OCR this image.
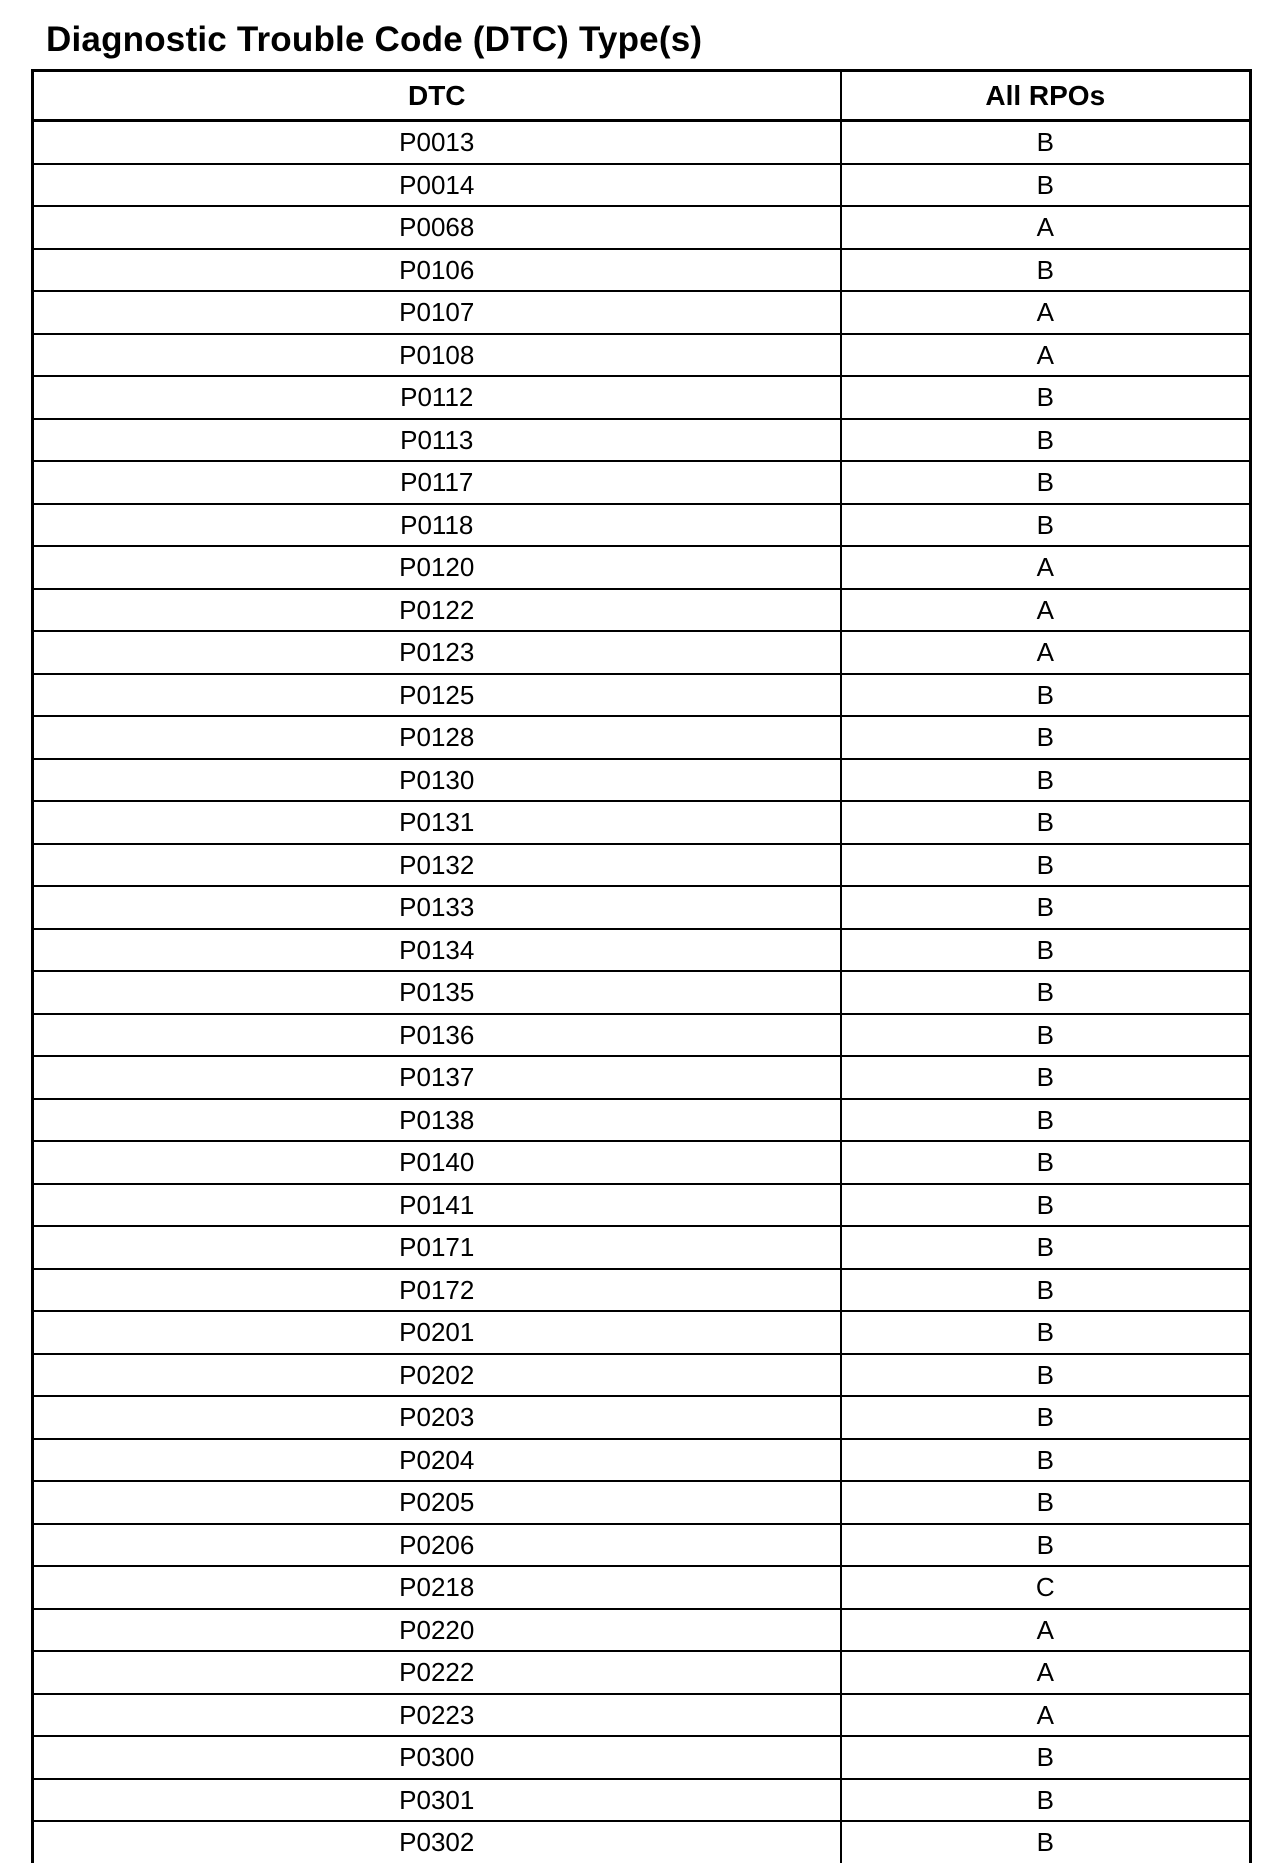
Diagnostic Trouble Code (DTC) Type(s)
DTC	All RPOs
P0013	B
P0014	B
P0068	A
P0106	B
P0107	A
P0108	A
P0112	B
P0113	B
P0117	B
P0118	B
P0120	A
P0122	A
P0123	A
P0125	B
P0128	B
P0130	B
P0131	B
P0132	B
P0133	B
P0134	B
P0135	B
P0136	B
P0137	B
P0138	B
P0140	B
P0141	B
P0171	B
P0172	B
P0201	B
P0202	B
P0203	B
P0204	B
P0205	B
P0206	B
P0218	C
P0220	A
P0222	A
P0223	A
P0300	B
P0301	B
P0302	B
